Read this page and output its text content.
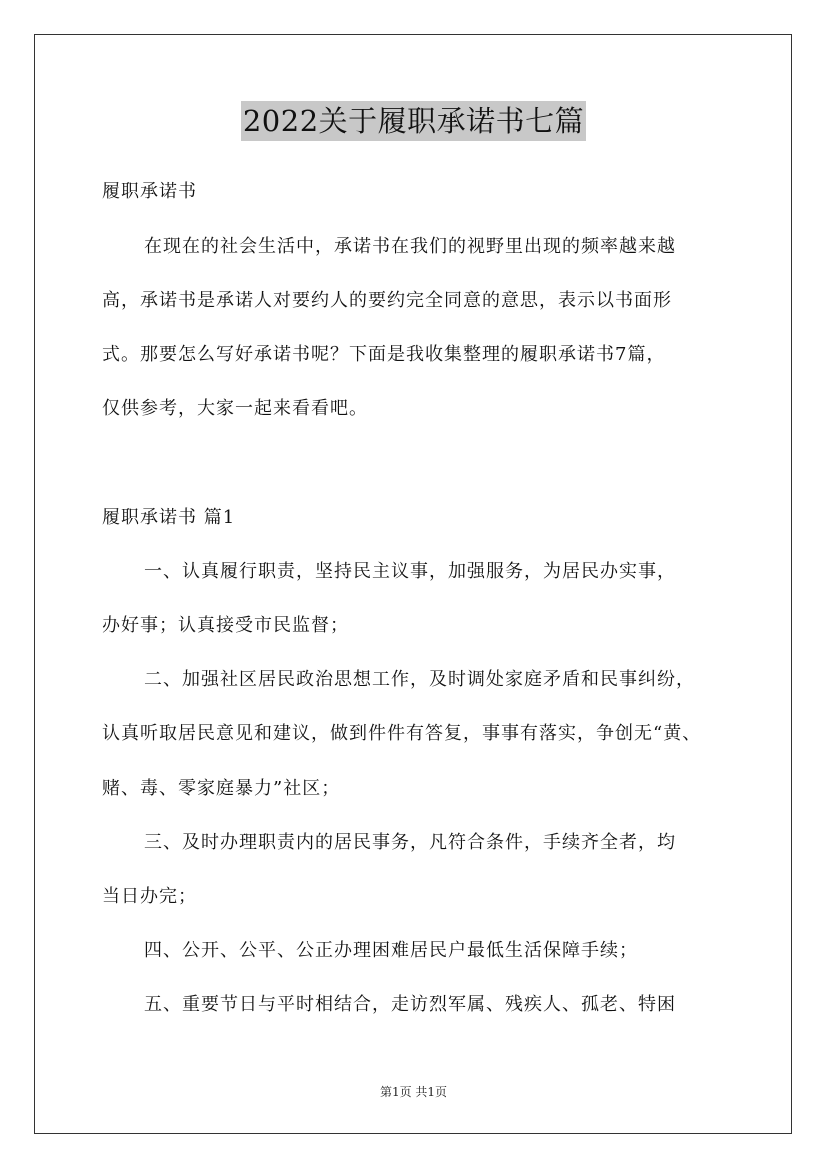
2022关于履职承诺书七篇
履职承诺书
在现在的社会生活中，承诺书在我们的视野里出现的频率越来越
高，承诺书是承诺人对要约人的要约完全同意的意思，表示以书面形
式。那要怎么写好承诺书呢？下面是我收集整理的履职承诺书7篇，
仅供参考，大家一起来看看吧。
履职承诺书 篇1
一、认真履行职责，坚持民主议事，加强服务，为居民办实事，
办好事；认真接受市民监督；
二、加强社区居民政治思想工作，及时调处家庭矛盾和民事纠纷，
认真听取居民意见和建议，做到件件有答复，事事有落实，争创无“黄、
赌、毒、零家庭暴力”社区；
三、及时办理职责内的居民事务，凡符合条件，手续齐全者，均
当日办完；
四、公开、公平、公正办理困难居民户最低生活保障手续；
五、重要节日与平时相结合，走访烈军属、残疾人、孤老、特困
第1页 共1页
